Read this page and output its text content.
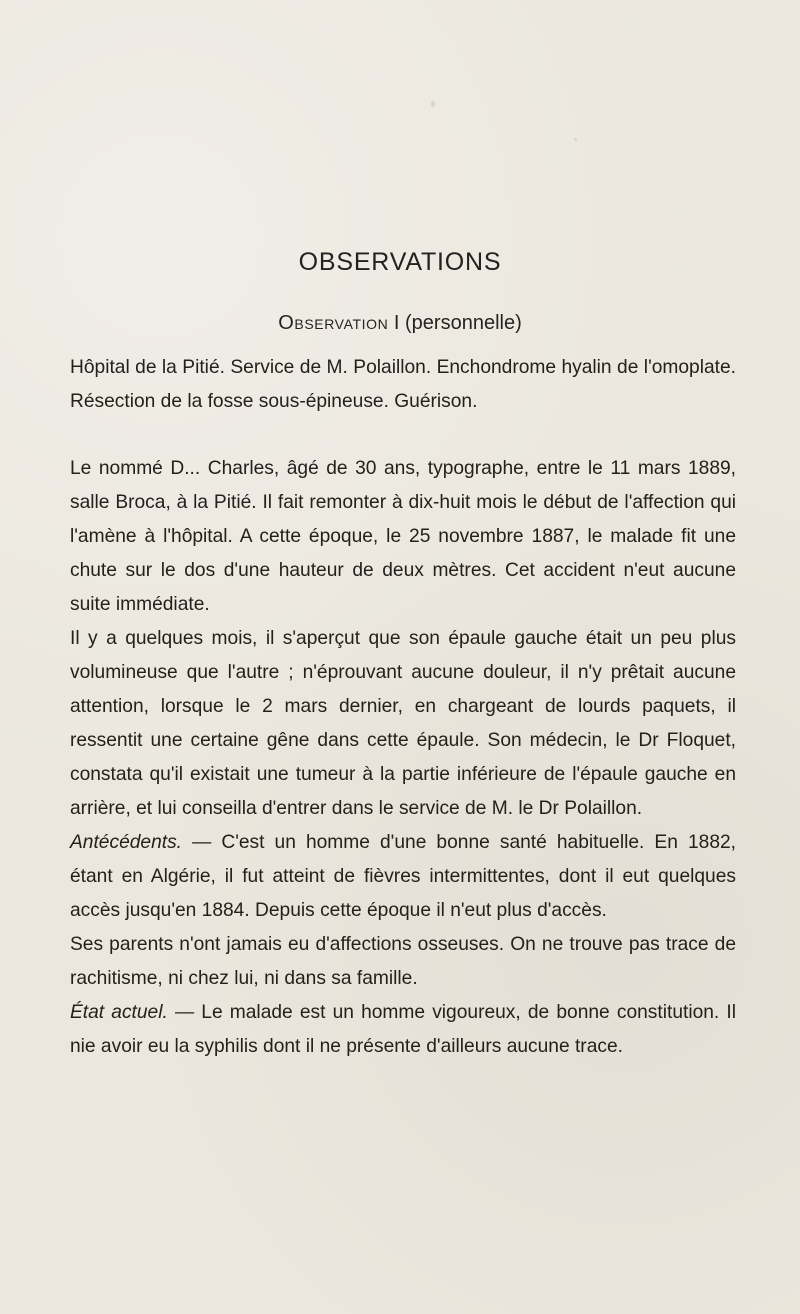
OBSERVATIONS
Observation I (personnelle)

Hôpital de la Pitié. Service de M. Polaillon. Enchondrome hyalin de l'omoplate. Résection de la fosse sous-épineuse. Guérison.

Le nommé D... Charles, âgé de 30 ans, typographe, entre le 11 mars 1889, salle Broca, à la Pitié. Il fait remonter à dix-huit mois le début de l'affection qui l'amène à l'hôpital. A cette époque, le 25 novembre 1887, le malade fit une chute sur le dos d'une hauteur de deux mètres. Cet accident n'eut aucune suite immédiate.

Il y a quelques mois, il s'aperçut que son épaule gauche était un peu plus volumineuse que l'autre ; n'éprouvant aucune douleur, il n'y prêtait aucune attention, lorsque le 2 mars dernier, en chargeant de lourds paquets, il ressentit une certaine gêne dans cette épaule. Son médecin, le Dr Floquet, constata qu'il existait une tumeur à la partie inférieure de l'épaule gauche en arrière, et lui conseilla d'entrer dans le service de M. le Dr Polaillon.

Antécédents. — C'est un homme d'une bonne santé habituelle. En 1882, étant en Algérie, il fut atteint de fièvres intermittentes, dont il eut quelques accès jusqu'en 1884. Depuis cette époque il n'eut plus d'accès.

Ses parents n'ont jamais eu d'affections osseuses. On ne trouve pas trace de rachitisme, ni chez lui, ni dans sa famille.

État actuel. — Le malade est un homme vigoureux, de bonne constitution. Il nie avoir eu la syphilis dont il ne présente d'ailleurs aucune trace.
